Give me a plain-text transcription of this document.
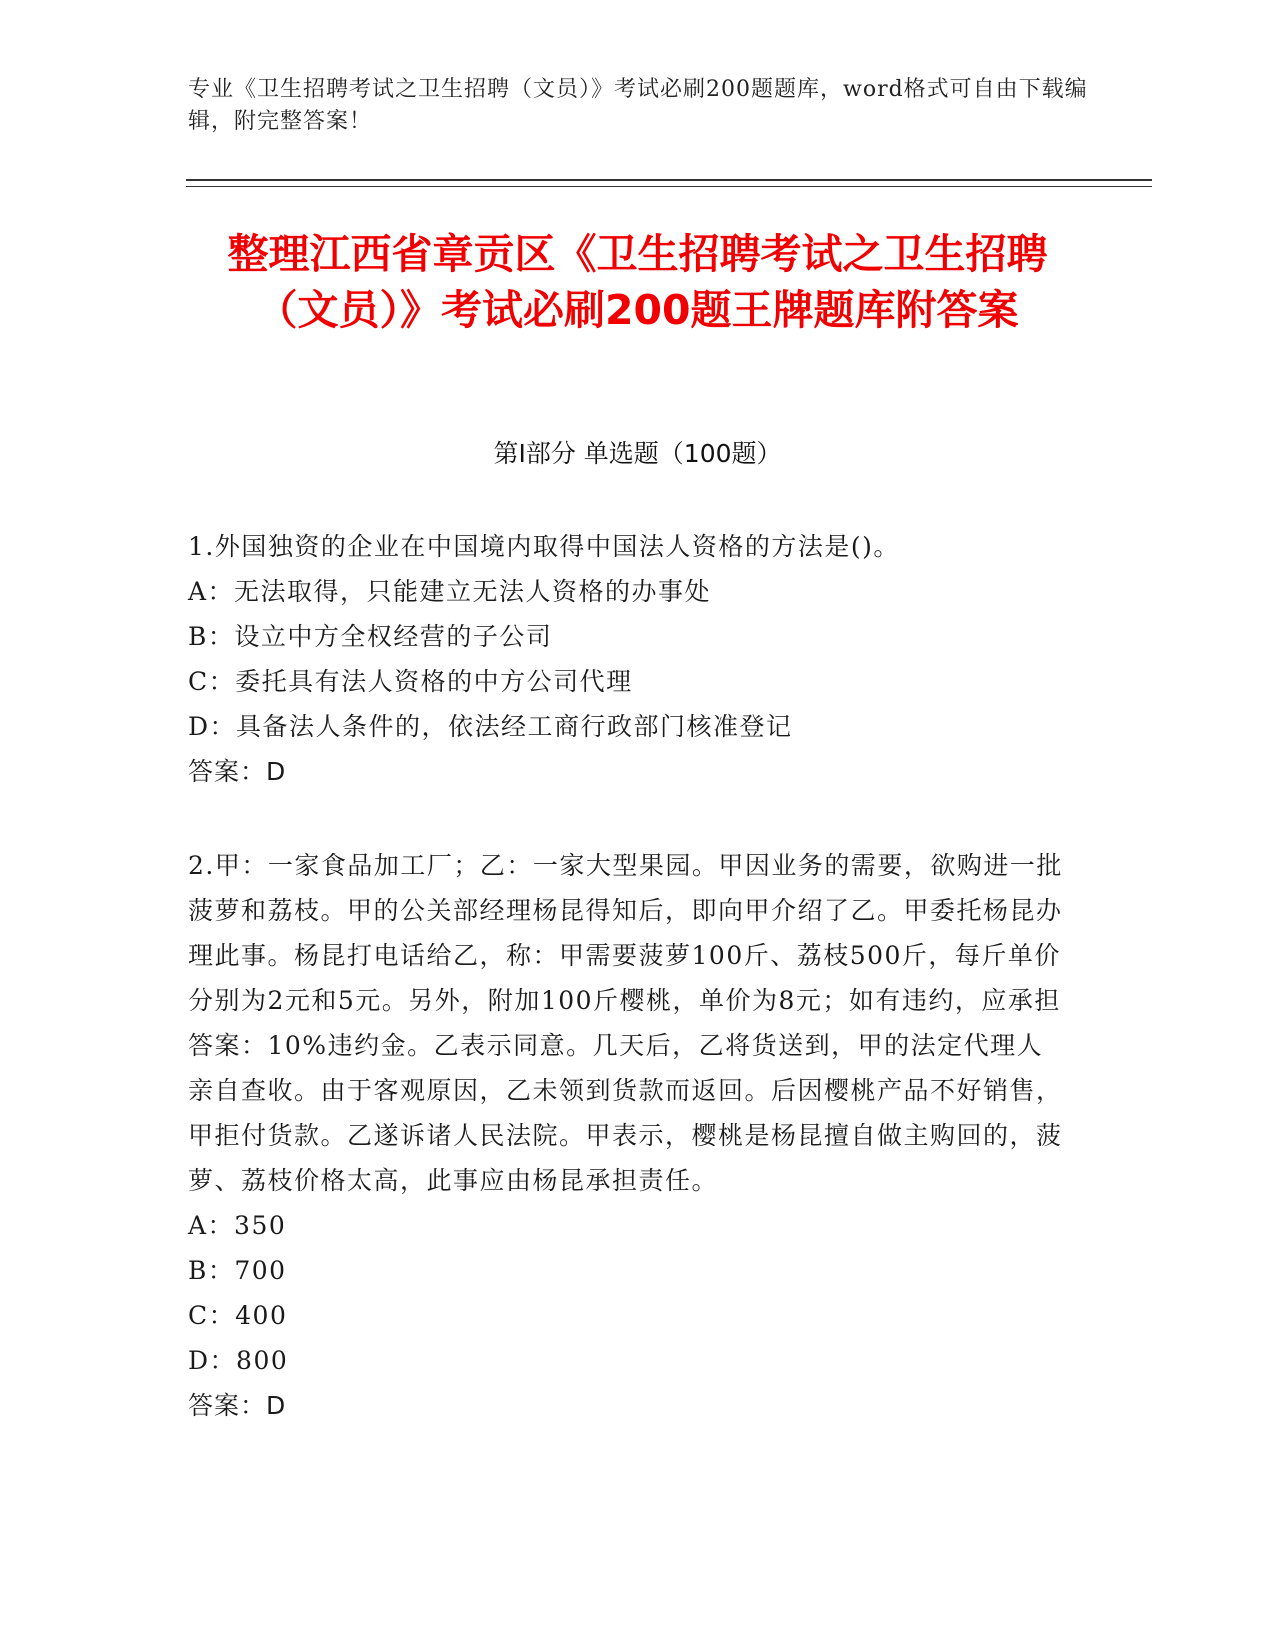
专业《卫生招聘考试之卫生招聘（文员）》考试必刷200题题库，word格式可自由下载编辑，附完整答案！
整理江西省章贡区《卫生招聘考试之卫生招聘（文员）》考试必刷200题王牌题库附答案
第Ⅰ部分 单选题（100题）
1.外国独资的企业在中国境内取得中国法人资格的方法是()。
A：无法取得，只能建立无法人资格的办事处
B：设立中方全权经营的子公司
C：委托具有法人资格的中方公司代理
D：具备法人条件的，依法经工商行政部门核准登记
答案：D
2.甲：一家食品加工厂；乙：一家大型果园。甲因业务的需要，欲购进一批菠萝和荔枝。甲的公关部经理杨昆得知后，即向甲介绍了乙。甲委托杨昆办理此事。杨昆打电话给乙，称：甲需要菠萝100斤、荔枝500斤，每斤单价分别为2元和5元。另外，附加100斤樱桃，单价为8元；如有违约，应承担答案：10%违约金。乙表示同意。几天后，乙将货送到，甲的法定代理人亲自查收。由于客观原因，乙未领到货款而返回。后因樱桃产品不好销售，甲拒付货款。乙遂诉诸人民法院。甲表示，樱桃是杨昆擅自做主购回的，菠萝、荔枝价格太高，此事应由杨昆承担责任。
A：350
B：700
C：400
D：800
答案：D
